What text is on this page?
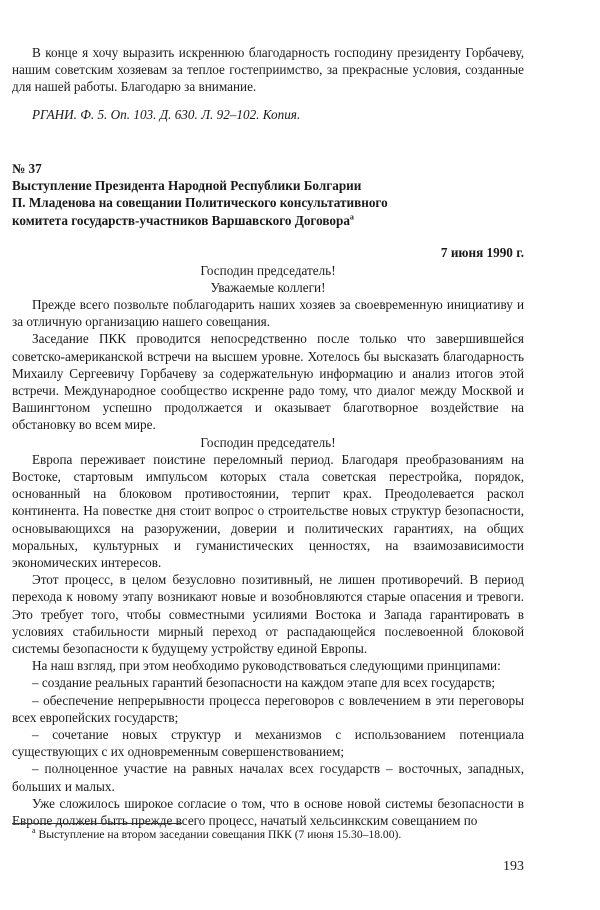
В конце я хочу выразить искреннюю благодарность господину президенту Горбачеву, нашим советским хозяевам за теплое гостеприимство, за прекрасные условия, созданные для нашей работы. Благодарю за внимание.

РГАНИ. Ф. 5. Оп. 103. Д. 630. Л. 92–102. Копия.

№ 37
Выступление Президента Народной Республики Болгарии
П. Младенова на совещании Политического консультативного
комитета государств-участников Варшавского Договора$^а$
7 июня 1990 г.

Господин председатель!

Уважаемые коллеги!

Прежде всего позвольте поблагодарить наших хозяев за своевременную инициативу и за отличную организацию нашего совещания.

Заседание ПКК проводится непосредственно после только что завершившейся советско-американской встречи на высшем уровне. Хотелось бы высказать благодарность Михаилу Сергеевичу Горбачеву за содержательную информацию и анализ итогов этой встречи. Международное сообщество искренне радо тому, что диалог между Москвой и Вашингтоном успешно продолжается и оказывает благотворное воздействие на обстановку во всем мире.

Господин председатель!

Европа переживает поистине переломный период. Благодаря преобразованиям на Востоке, стартовым импульсом которых стала советская перестройка, порядок, основанный на блоковом противостоянии, терпит крах. Преодолевается раскол континента. На повестке дня стоит вопрос о строительстве новых структур безопасности, основывающихся на разоружении, доверии и политических гарантиях, на общих моральных, культурных и гуманистических ценностях, на взаимозависимости экономических интересов.

Этот процесс, в целом безусловно позитивный, не лишен противоречий. В период перехода к новому этапу возникают новые и возобновляются старые опасения и тревоги. Это требует того, чтобы совместными усилиями Востока и Запада гарантировать в условиях стабильности мирный переход от распадающейся послевоенной блоковой системы безопасности к будущему устройству единой Европы.

На наш взгляд, при этом необходимо руководствоваться следующими принципами:

– создание реальных гарантий безопасности на каждом этапе для всех государств;

– обеспечение непрерывности процесса переговоров с вовлечением в эти переговоры всех европейских государств;

– сочетание новых структур и механизмов с использованием потенциала существующих с их одновременным совершенствованием;

– полноценное участие на равных началах всех государств – восточных, западных, больших и малых.

Уже сложилось широкое согласие о том, что в основе новой системы безопасности в Европе должен быть прежде всего процесс, начатый хельсинкским совещанием по

$^а$ Выступление на втором заседании совещания ПКК (7 июня 15.30–18.00).
193
